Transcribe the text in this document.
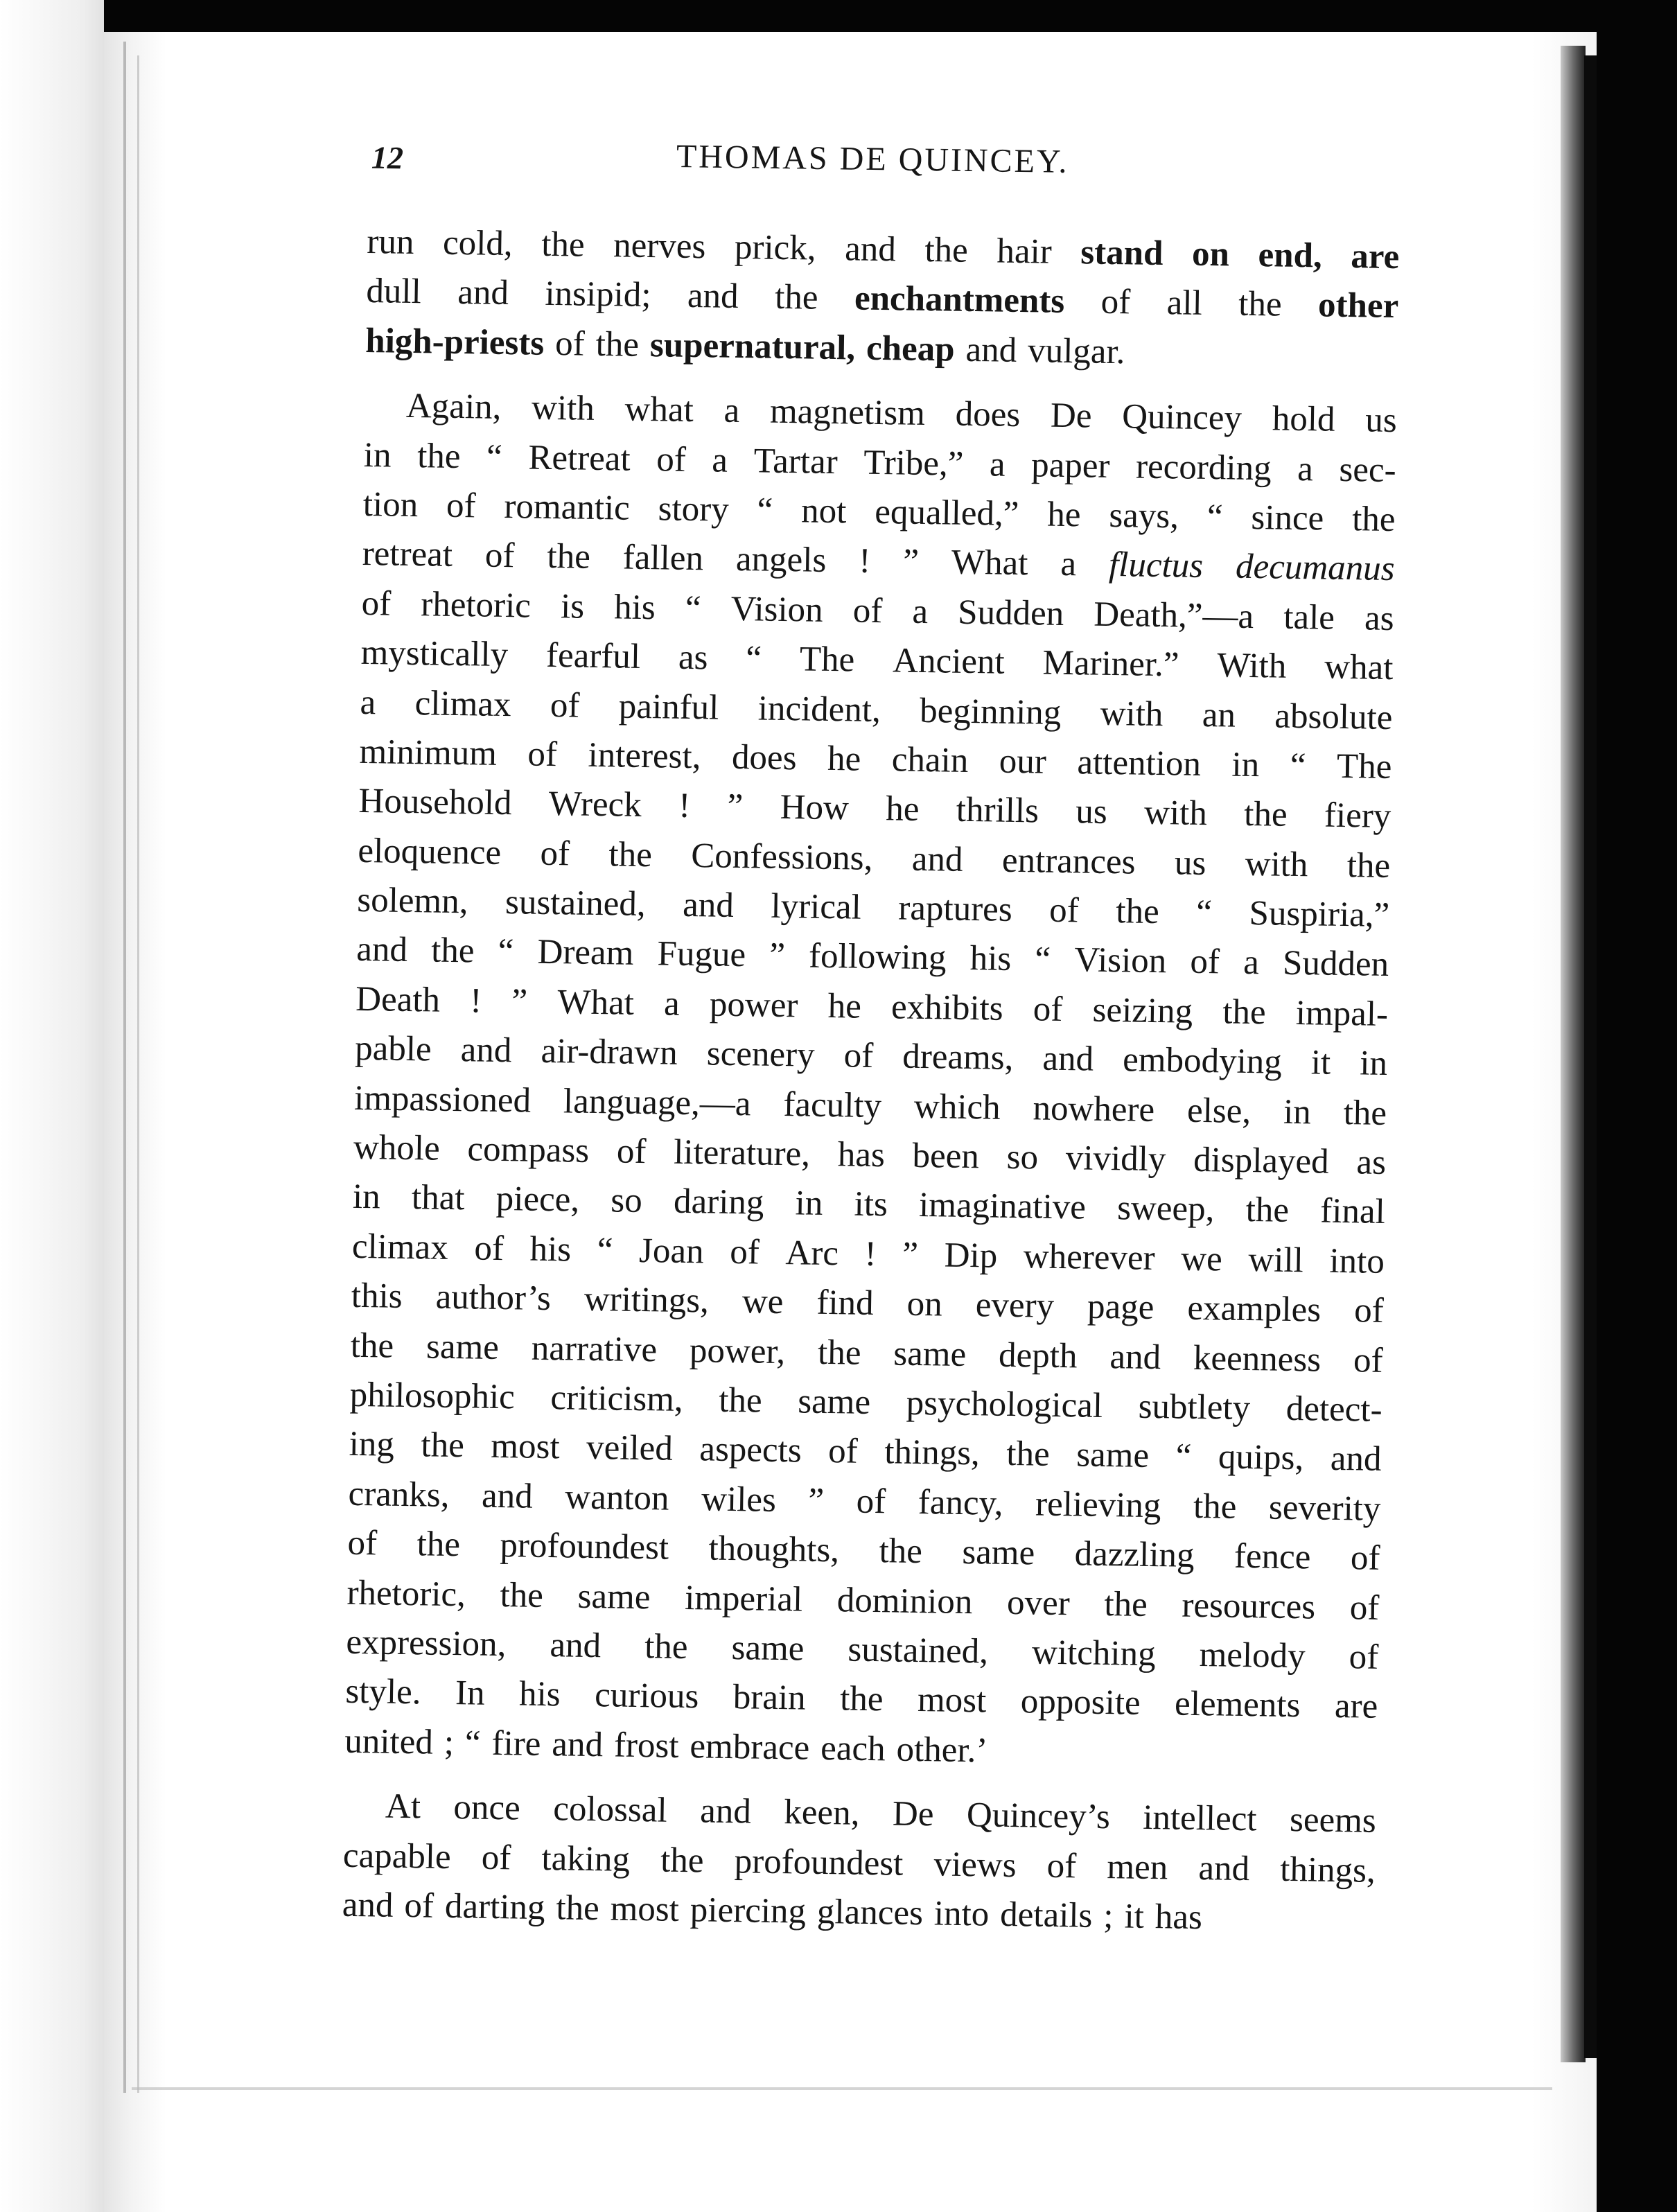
12	THOMAS DE QUINCEY.
run cold, the nerves prick, and the hair stand on end, are
dull and insipid; and the enchantments of all the other
high-priests of the supernatural, cheap and vulgar.
Again, with what a magnetism does De Quincey hold us
in the “ Retreat of a Tartar Tribe,” a paper recording a sec-
tion of romantic story “ not equalled,” he says, “ since the
retreat of the fallen angels ! ” What a fluctus decumanus
of rhetoric is his “ Vision of a Sudden Death,”—a tale as
mystically fearful as “ The Ancient Mariner.” With what
a climax of painful incident, beginning with an absolute
minimum of interest, does he chain our attention in “ The
Household Wreck ! ” How he thrills us with the fiery
eloquence of the Confessions, and entrances us with the
solemn, sustained, and lyrical raptures of the “ Suspiria,”
and the “ Dream Fugue ” following his “ Vision of a Sudden
Death ! ” What a power he exhibits of seizing the impal-
pable and air-drawn scenery of dreams, and embodying it in
impassioned language,—a faculty which nowhere else, in the
whole compass of literature, has been so vividly displayed as
in that piece, so daring in its imaginative sweep, the final
climax of his “ Joan of Arc ! ” Dip wherever we will into
this author’s writings, we find on every page examples of
the same narrative power, the same depth and keenness of
philosophic criticism, the same psychological subtlety detect-
ing the most veiled aspects of things, the same “ quips, and
cranks, and wanton wiles ” of fancy, relieving the severity
of the profoundest thoughts, the same dazzling fence of
rhetoric, the same imperial dominion over the resources of
expression, and the same sustained, witching melody of
style. In his curious brain the most opposite elements are
united ; “ fire and frost embrace each other.’
At once colossal and keen, De Quincey’s intellect seems
capable of taking the profoundest views of men and things,
and of darting the most piercing glances into details ; it has
